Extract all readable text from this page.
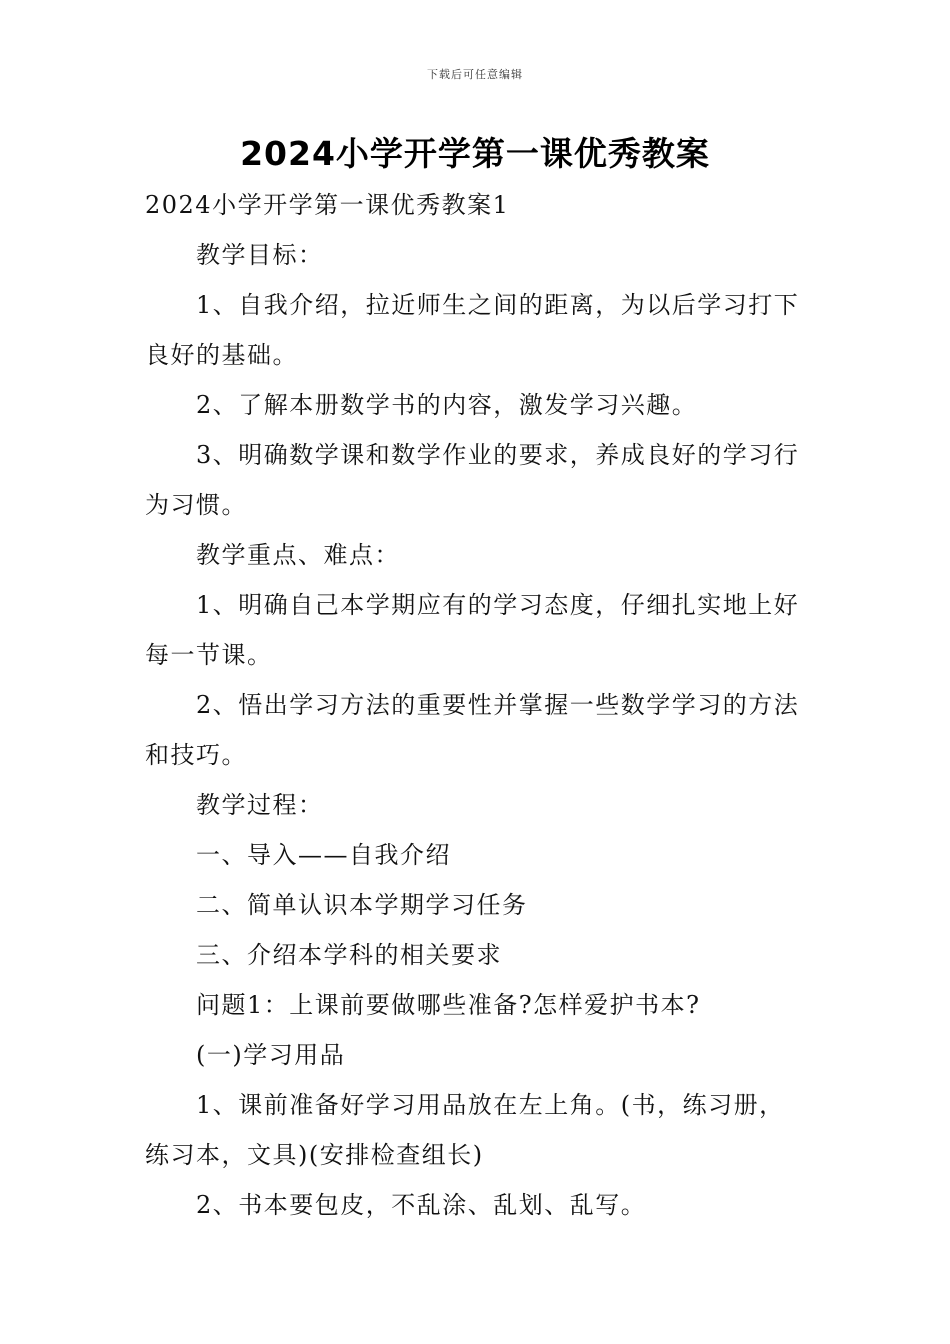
下载后可任意编辑
2024小学开学第一课优秀教案

2024小学开学第一课优秀教案1

教学目标：

1、自我介绍，拉近师生之间的距离，为以后学习打下良好的基础。

2、了解本册数学书的内容，激发学习兴趣。

3、明确数学课和数学作业的要求，养成良好的学习行为习惯。

教学重点、难点：

1、明确自己本学期应有的学习态度，仔细扎实地上好每一节课。

2、悟出学习方法的重要性并掌握一些数学学习的方法和技巧。

教学过程：

一、导入——自我介绍

二、简单认识本学期学习任务

三、介绍本学科的相关要求

问题1：上课前要做哪些准备?怎样爱护书本?

(一)学习用品

1、课前准备好学习用品放在左上角。(书，练习册，练习本，文具)(安排检查组长)

2、书本要包皮，不乱涂、乱划、乱写。
